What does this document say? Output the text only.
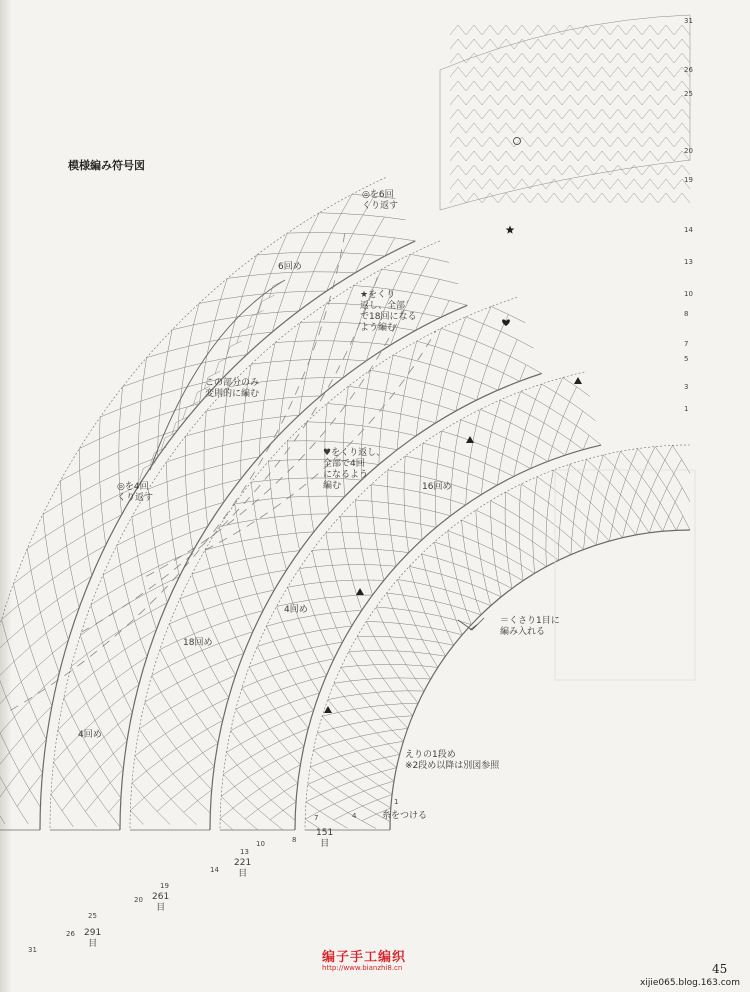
模様編み符号図
◎を6回
くり返す
6回め
★をくり
返し、全部
で18回になる
よう編む
この部分のみ
変則的に編む
♥をくり返し、
全部で4回
になるよう
編む
◎を4回
くり返す
16回め
4回め
18回め
4回め
＝くさり1目に
編み入れる
えりの1段め
※2段め以降は別図参照
糸をつける
151
目
221
目
261
目
291
目
31
26
25
20
19
14
13
10
8
7
5
3
1
1
4
7
8
10
13
14
19
20
25
26
31	编子手工编织
http://www.bianzhi8.cn	45
xijie065.blog.163.com
